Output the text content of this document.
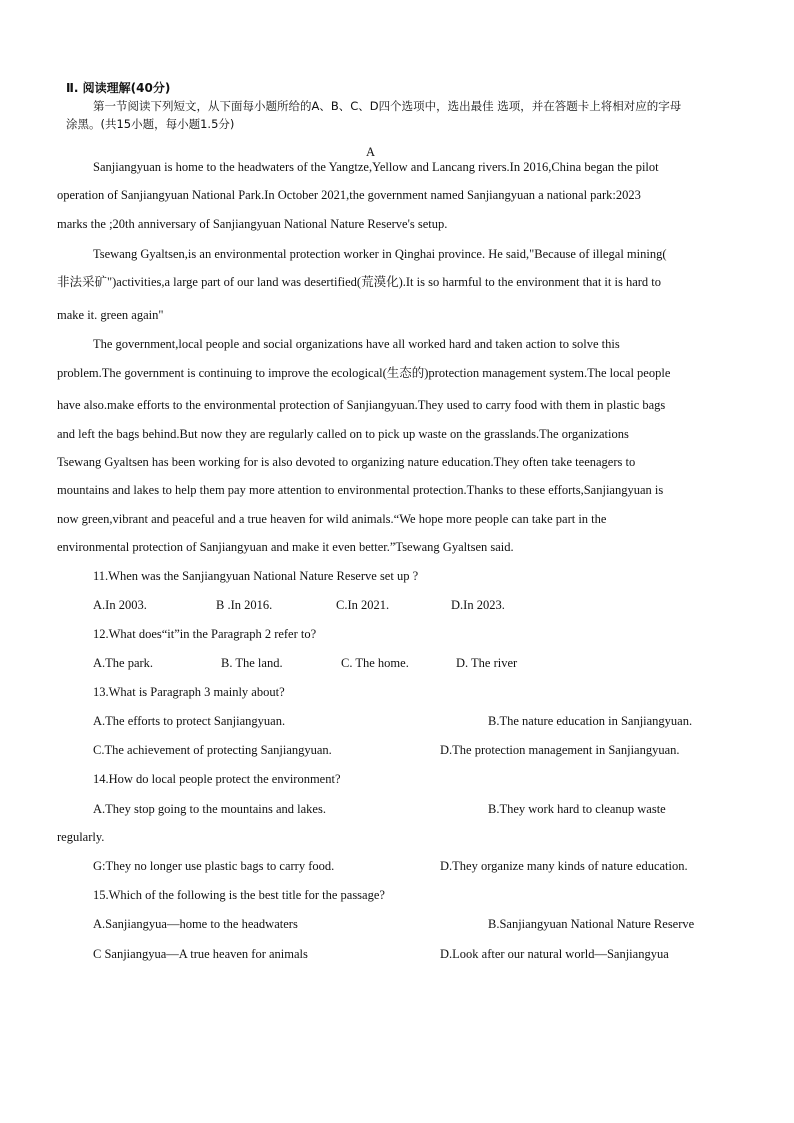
Ⅱ. 阅读理解(40分)
第一节阅读下列短文，从下面每小题所给的A、B、C、D四个选项中，选出最佳 选项，并在答题卡上将相对应的字母
涂黑。(共15小题，每小题1.5分)
A
Sanjiangyuan is home to the headwaters of the Yangtze,Yellow and Lancang rivers.In 2016,China began the pilot
operation of Sanjiangyuan National Park.In October 2021,the government named Sanjiangyuan a national park:2023
marks the ;20th anniversary of Sanjiangyuan National Nature Reserve's setup.
Tsewang Gyaltsen,is an environmental protection worker in Qinghai province. He said,"Because of illegal mining(
非法采矿")activities,a large part of our land was desertified(荒漠化).It is so harmful to the environment that it is hard to
make it. green again"
The government,local people and social organizations have all worked hard and taken action to solve this
problem.The government is continuing to improve the ecological(生态的)protection management system.The local people
have also.make efforts to the environmental protection of Sanjiangyuan.They used to carry food with them in plastic bags
and left the bags behind.But now they are regularly called on to pick up waste on the grasslands.The organizations
Tsewang Gyaltsen has been working for is also devoted to organizing nature education.They often take teenagers to
mountains and lakes to help them pay more attention to environmental protection.Thanks to these efforts,Sanjiangyuan is
now green,vibrant and peaceful and a true heaven for wild animals.“We hope more people can take part in the
environmental protection of Sanjiangyuan and make it even better.”Tsewang Gyaltsen said.
11.When was the Sanjiangyuan National Nature Reserve set up ?
A.In 2003.	B .In 2016.	C.In 2021.	D.In 2023.
12.What does“it”in the Paragraph 2 refer to?
A.The park.	B. The land.	C. The home.	D. The river
13.What is Paragraph 3 mainly about?
A.The efforts to protect Sanjiangyuan.	B.The nature education in Sanjiangyuan.
C.The achievement of protecting Sanjiangyuan.	D.The protection management in Sanjiangyuan.
14.How do local people protect the environment?
A.They stop going to the mountains and lakes.	B.They work hard to cleanup waste
regularly.
G:They no longer use plastic bags to carry food.	D.They organize many kinds of nature education.
15.Which of the following is the best title for the passage?
A.Sanjiangyua—home to the headwaters	B.Sanjiangyuan National Nature Reserve
C Sanjiangyua—A true heaven for animals	D.Look after our natural world—Sanjiangyua
